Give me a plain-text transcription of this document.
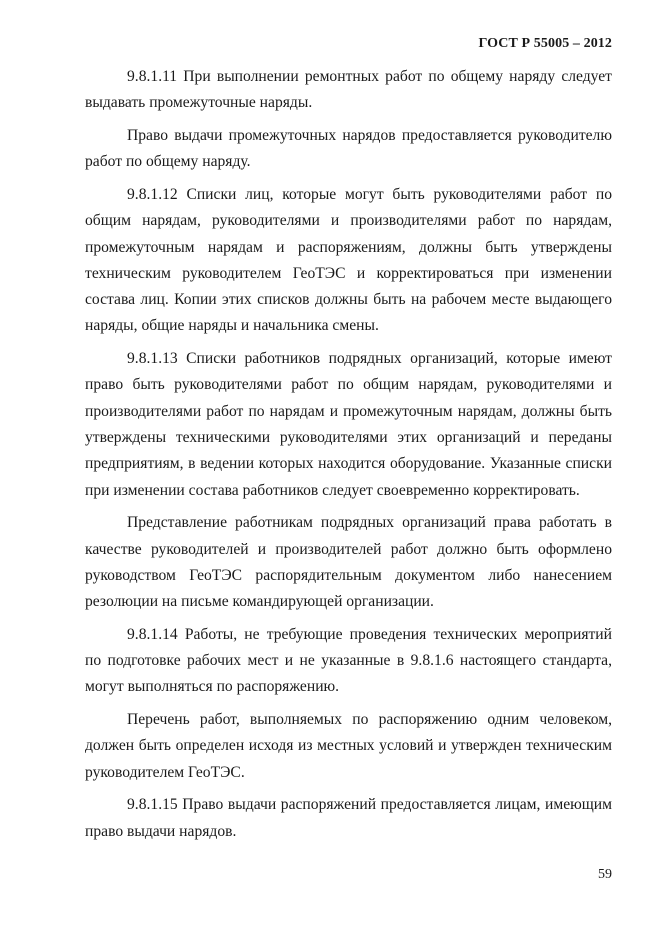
ГОСТ Р 55005 – 2012

9.8.1.11 При выполнении ремонтных работ по общему наряду следует выдавать промежуточные наряды.

Право выдачи промежуточных нарядов предоставляется руководителю работ по общему наряду.

9.8.1.12 Списки лиц, которые могут быть руководителями работ по общим нарядам, руководителями и производителями работ по нарядам, промежуточным нарядам и распоряжениям, должны быть утверждены техническим руководителем ГеоТЭС и корректироваться при изменении состава лиц. Копии этих списков должны быть на рабочем месте выдающего наряды, общие наряды и начальника смены.

9.8.1.13 Списки работников подрядных организаций, которые имеют право быть руководителями работ по общим нарядам, руководителями и производителями работ по нарядам и промежуточным нарядам, должны быть утверждены техническими руководителями этих организаций и переданы предприятиям, в ведении которых находится оборудование. Указанные списки при изменении состава работников следует своевременно корректировать.

Представление работникам подрядных организаций права работать в качестве руководителей и производителей работ должно быть оформлено руководством ГеоТЭС распорядительным документом либо нанесением резолюции на письме командирующей организации.

9.8.1.14 Работы, не требующие проведения технических мероприятий по подготовке рабочих мест и не указанные в 9.8.1.6 настоящего стандарта, могут выполняться по распоряжению.

Перечень работ, выполняемых по распоряжению одним человеком, должен быть определен исходя из местных условий и утвержден техническим руководителем ГеоТЭС.

9.8.1.15 Право выдачи распоряжений предоставляется лицам, имеющим право выдачи нарядов.

59
